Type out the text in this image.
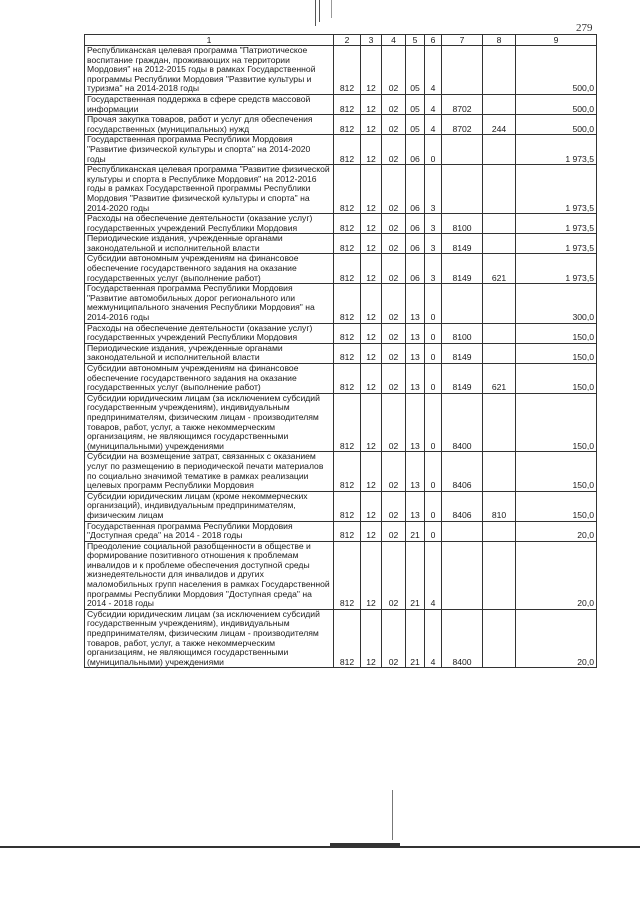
279
1	2	3	4	5	6	7	8	9
Республиканская целевая программа "Патриотическое воспитание граждан, проживающих на территории Мордовия" на 2012-2015 годы в рамках Государственной программы Республики Мордовия "Развитие культуры и туризма" на 2014-2018 годы	812	12	02	05	4			500,0
Государственная поддержка в сфере средств массовой информации	812	12	02	05	4	8702		500,0
Прочая закупка товаров, работ и услуг для обеспечения государственных (муниципальных) нужд	812	12	02	05	4	8702	244	500,0
Государственная программа Республики Мордовия "Развитие физической культуры и спорта" на 2014-2020 годы	812	12	02	06	0			1 973,5
Республиканская целевая программа "Развитие физической культуры и спорта в Республике Мордовия" на 2012-2016 годы в рамках Государственной программы Республики Мордовия "Развитие физической культуры и спорта" на 2014-2020 годы	812	12	02	06	3			1 973,5
Расходы на обеспечение деятельности (оказание услуг) государственных учреждений Республики Мордовия	812	12	02	06	3	8100		1 973,5
Периодические издания, учрежденные органами законодательной и исполнительной власти	812	12	02	06	3	8149		1 973,5
Субсидии автономным учреждениям на финансовое обеспечение государственного задания на оказание государственных услуг (выполнение работ)	812	12	02	06	3	8149	621	1 973,5
Государственная программа Республики Мордовия "Развитие автомобильных дорог регионального или межмуниципального значения Республики Мордовия" на 2014-2016 годы	812	12	02	13	0			300,0
Расходы на обеспечение деятельности (оказание услуг) государственных учреждений Республики Мордовия	812	12	02	13	0	8100		150,0
Периодические издания, учрежденные органами законодательной и исполнительной власти	812	12	02	13	0	8149		150,0
Субсидии автономным учреждениям на финансовое обеспечение государственного задания на оказание государственных услуг (выполнение работ)	812	12	02	13	0	8149	621	150,0
Субсидии юридическим лицам (за исключением субсидий государственным учреждениям), индивидуальным предпринимателям, физическим лицам - производителям товаров, работ, услуг, а также некоммерческим организациям, не являющимся государственными (муниципальными) учреждениями	812	12	02	13	0	8400		150,0
Субсидии на возмещение затрат, связанных с оказанием услуг по размещению в периодической печати материалов по социально значимой тематике в рамках реализации целевых программ Республики Мордовия	812	12	02	13	0	8406		150,0
Субсидии юридическим лицам (кроме некоммерческих организаций), индивидуальным предпринимателям, физическим лицам	812	12	02	13	0	8406	810	150,0
Государственная программа Республики Мордовия "Доступная среда" на 2014 - 2018 годы	812	12	02	21	0			20,0
Преодоление социальной разобщенности в обществе и формирование позитивного отношения к проблемам инвалидов и к проблеме обеспечения доступной среды жизнедеятельности для инвалидов и других маломобильных групп населения в рамках Государственной программы Республики Мордовия "Доступная среда" на 2014 - 2018 годы	812	12	02	21	4			20,0
Субсидии юридическим лицам (за исключением субсидий государственным учреждениям), индивидуальным предпринимателям, физическим лицам - производителям товаров, работ, услуг, а также некоммерческим организациям, не являющимся государственными (муниципальными) учреждениями	812	12	02	21	4	8400		20,0
